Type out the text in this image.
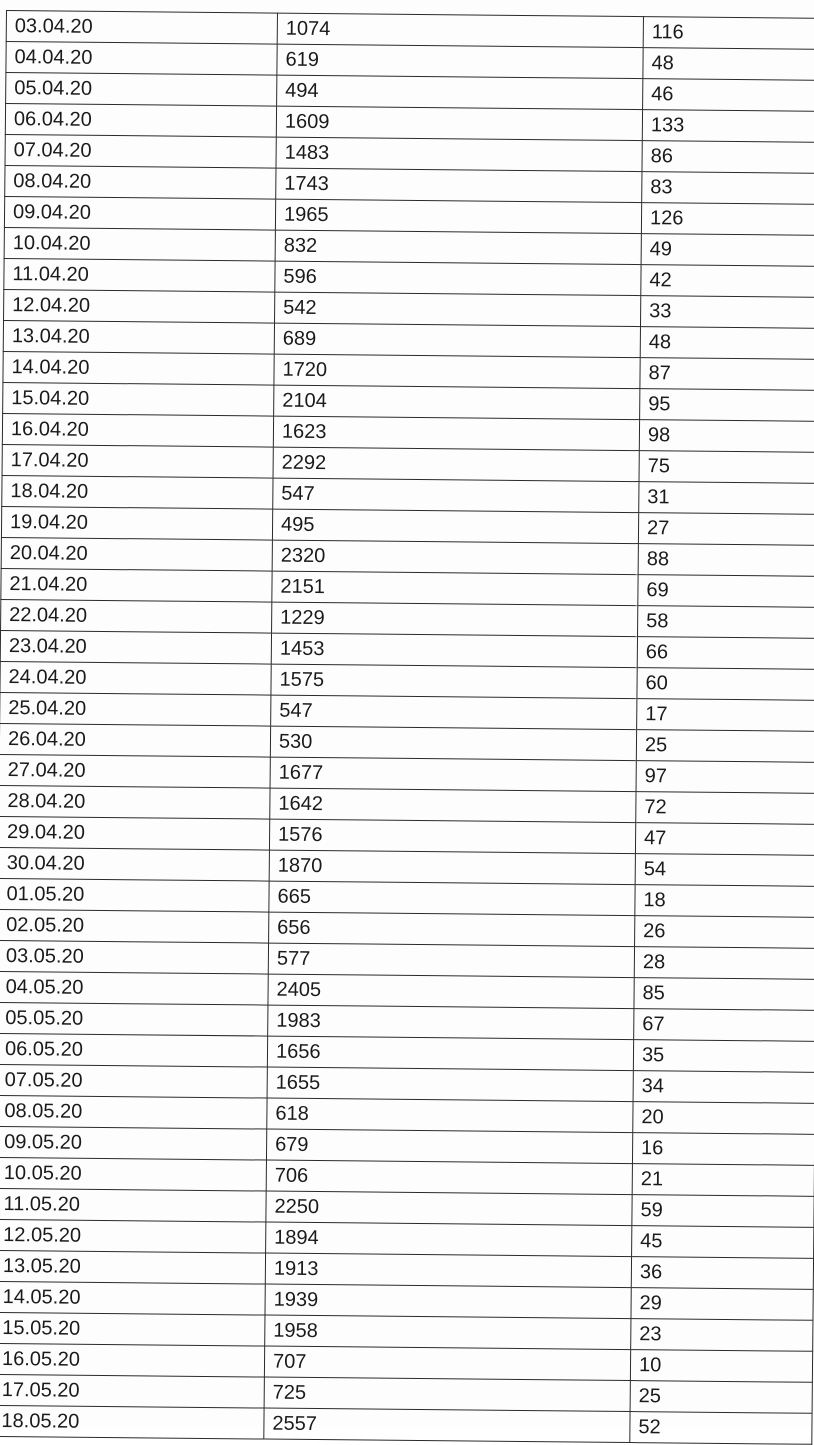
03.04.20	1074	116
04.04.20	619	48
05.04.20	494	46
06.04.20	1609	133
07.04.20	1483	86
08.04.20	1743	83
09.04.20	1965	126
10.04.20	832	49
11.04.20	596	42
12.04.20	542	33
13.04.20	689	48
14.04.20	1720	87
15.04.20	2104	95
16.04.20	1623	98
17.04.20	2292	75
18.04.20	547	31
19.04.20	495	27
20.04.20	2320	88
21.04.20	2151	69
22.04.20	1229	58
23.04.20	1453	66
24.04.20	1575	60
25.04.20	547	17
26.04.20	530	25
27.04.20	1677	97
28.04.20	1642	72
29.04.20	1576	47
30.04.20	1870	54
01.05.20	665	18
02.05.20	656	26
03.05.20	577	28
04.05.20	2405	85
05.05.20	1983	67
06.05.20	1656	35
07.05.20	1655	34
08.05.20	618	20
09.05.20	679	16
10.05.20	706	21
11.05.20	2250	59
12.05.20	1894	45
13.05.20	1913	36
14.05.20	1939	29
15.05.20	1958	23
16.05.20	707	10
17.05.20	725	25
18.05.20	2557	52
